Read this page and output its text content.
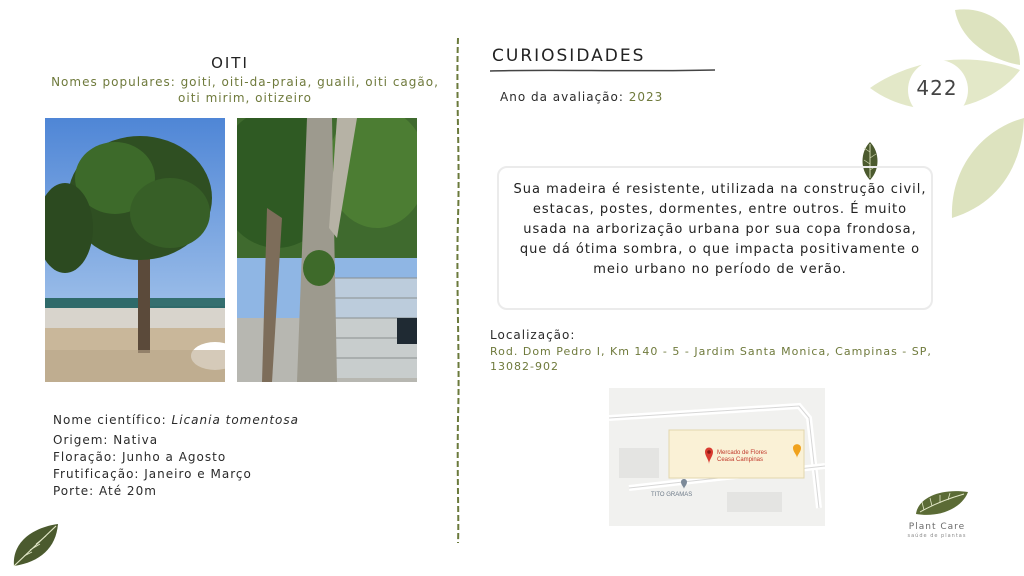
OITI
Nomes populares: goiti, oiti-da-praia, guaili, oiti cagão, oiti mirim, oitizeiro
Nome científico: Licania tomentosa
Origem: Nativa
Floração: Junho a Agosto
Frutificação: Janeiro e Março
Porte: Até 20m
CURIOSIDADES
Ano da avaliação: 2023	422
Sua madeira é resistente, utilizada na construção civil, estacas, postes, dormentes, entre outros. É muito usada na arborização urbana por sua copa frondosa, que dá ótima sombra, o que impacta positivamente o meio urbano no período de verão.
Localização:
Rod. Dom Pedro I, Km 140 - 5 - Jardim Santa Monica, Campinas - SP, 13082-902
Mercado de Flores
Ceasa Campinas
TITO GRAMAS
Plant Care
saúde de plantas
